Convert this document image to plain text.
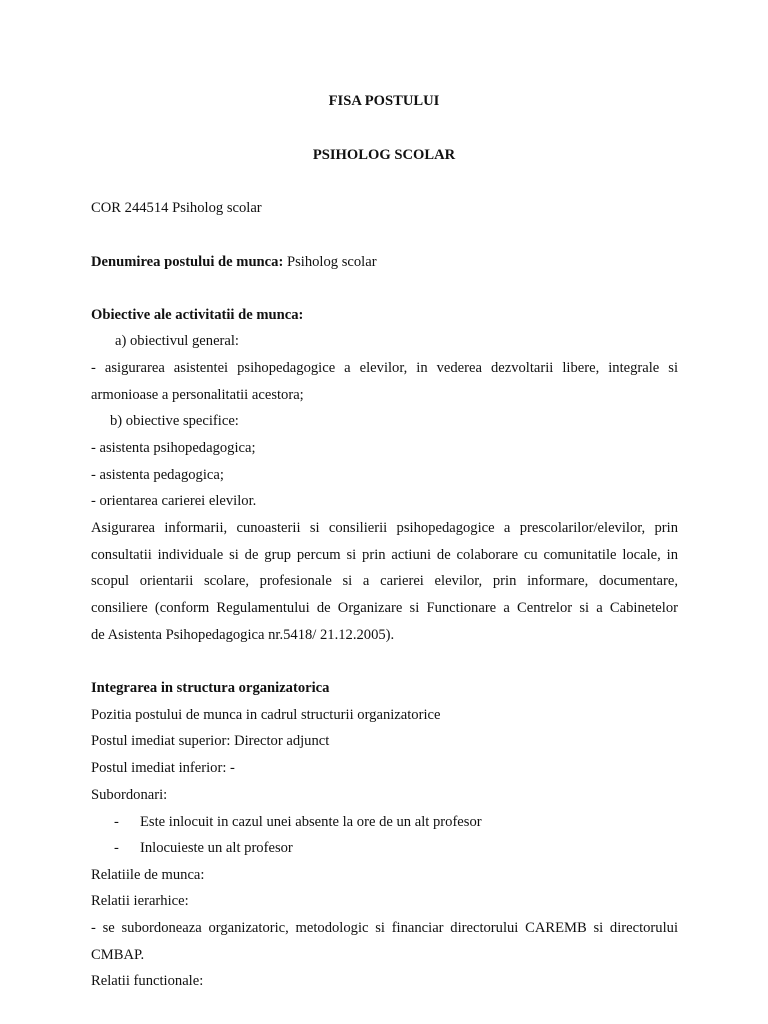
FISA POSTULUI
PSIHOLOG SCOLAR
COR 244514 Psiholog scolar
Denumirea postului de munca: Psiholog scolar
Obiective ale activitatii de munca:
a) obiectivul general:
- asigurarea asistentei psihopedagogice a elevilor, in vederea dezvoltarii libere, integrale si
armonioase a personalitatii acestora;
b) obiective specifice:
- asistenta psihopedagogica;
- asistenta pedagogica;
- orientarea carierei elevilor.
Asigurarea informarii, cunoasterii si consilierii psihopedagogice a prescolarilor/elevilor, prin
consultatii individuale si de grup percum si prin actiuni de colaborare cu comunitatile locale, in
scopul orientarii scolare, profesionale si a carierei elevilor, prin informare, documentare,
consiliere (conform Regulamentului de Organizare si Functionare a Centrelor si a Cabinetelor
de Asistenta Psihopedagogica nr.5418/ 21.12.2005).
Integrarea in structura organizatorica
Pozitia postului de munca in cadrul structurii organizatorice
Postul imediat superior: Director adjunct
Postul imediat inferior: -
Subordonari:
- Este inlocuit in cazul unei absente la ore de un alt profesor
- Inlocuieste un alt profesor
Relatiile de munca:
Relatii ierarhice:
- se subordoneaza organizatoric, metodologic si financiar directorului CAREMB si directorului
CMBAP.
Relatii functionale:
